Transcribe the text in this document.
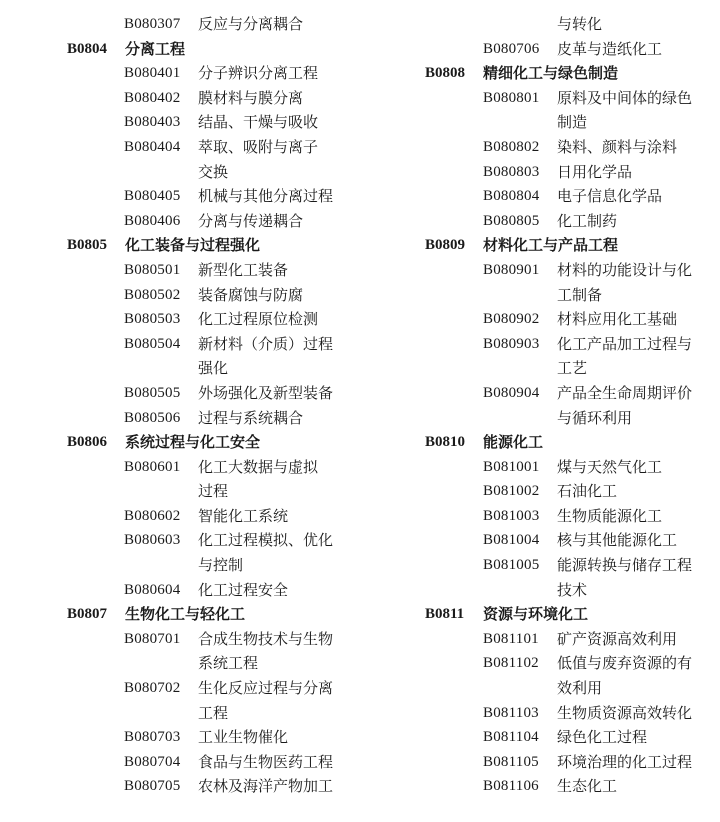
B080307	反应与分离耦合
B0804	分离工程
B080401	分子辨识分离工程
B080402	膜材料与膜分离
B080403	结晶、干燥与吸收
B080404	萃取、吸附与离子
交换
B080405	机械与其他分离过程
B080406	分离与传递耦合
B0805	化工装备与过程强化
B080501	新型化工装备
B080502	装备腐蚀与防腐
B080503	化工过程原位检测
B080504	新材料（介质）过程
强化
B080505	外场强化及新型装备
B080506	过程与系统耦合
B0806	系统过程与化工安全
B080601	化工大数据与虚拟
过程
B080602	智能化工系统
B080603	化工过程模拟、优化
与控制
B080604	化工过程安全
B0807	生物化工与轻化工
B080701	合成生物技术与生物
系统工程
B080702	生化反应过程与分离
工程
B080703	工业生物催化
B080704	食品与生物医药工程
B080705	农林及海洋产物加工
与转化
B080706	皮革与造纸化工
B0808	精细化工与绿色制造
B080801	原料及中间体的绿色
制造
B080802	染料、颜料与涂料
B080803	日用化学品
B080804	电子信息化学品
B080805	化工制药
B0809	材料化工与产品工程
B080901	材料的功能设计与化
工制备
B080902	材料应用化工基础
B080903	化工产品加工过程与
工艺
B080904	产品全生命周期评价
与循环利用
B0810	能源化工
B081001	煤与天然气化工
B081002	石油化工
B081003	生物质能源化工
B081004	核与其他能源化工
B081005	能源转换与储存工程
技术
B0811	资源与环境化工
B081101	矿产资源高效利用
B081102	低值与废弃资源的有
效利用
B081103	生物质资源高效转化
B081104	绿色化工过程
B081105	环境治理的化工过程
B081106	生态化工
